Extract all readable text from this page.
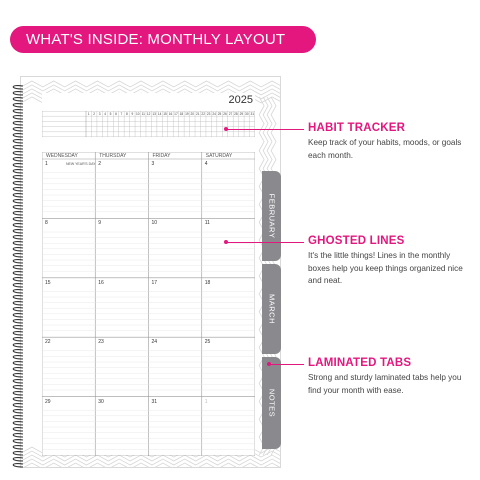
WHAT'S INSIDE: MONTHLY LAYOUT
2025
1 2 3 4 5 6 7 8 9 10 11 12 13 14 15 16 17 18 19 20 21 22 23 24 25 26 27 28 29 30 31
WEDNESDAY	THURSDAY	FRIDAY	SATURDAY
1	2	3	4
8	9	10	11
15	16	17	18
22	23	24	25
29	30	31	1
NEW YEAR'S DAY
FEBRUARY
MARCH
NOTES
HABIT TRACKER

Keep track of your habits, moods, or goals each month.

GHOSTED LINES

It's the little things! Lines in the monthly boxes help you keep things organized nice and neat.

LAMINATED TABS

Strong and sturdy laminated tabs help you find your month with ease.
